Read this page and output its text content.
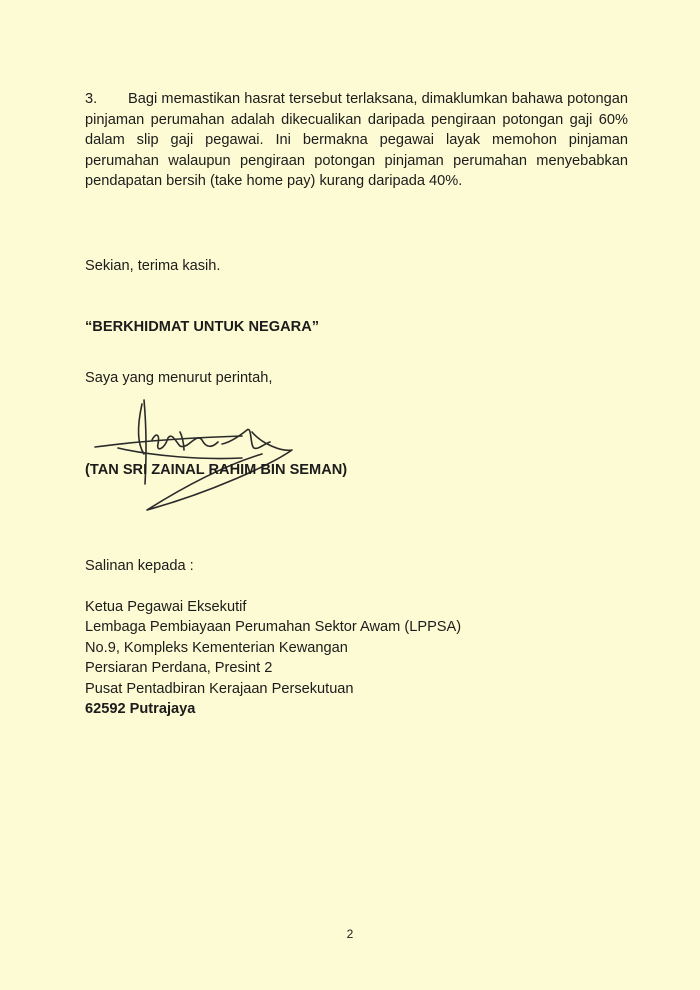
3. Bagi memastikan hasrat tersebut terlaksana, dimaklumkan bahawa potongan pinjaman perumahan adalah dikecualikan daripada pengiraan potongan gaji 60% dalam slip gaji pegawai. Ini bermakna pegawai layak memohon pinjaman perumahan walaupun pengiraan potongan pinjaman perumahan menyebabkan pendapatan bersih (take home pay) kurang daripada 40%.

Sekian, terima kasih.

“BERKHIDMAT UNTUK NEGARA”

Saya yang menurut perintah,

(TAN SRI ZAINAL RAHIM BIN SEMAN)

Salinan kepada :
Ketua Pegawai Eksekutif
Lembaga Pembiayaan Perumahan Sektor Awam (LPPSA)
No.9, Kompleks Kementerian Kewangan
Persiaran Perdana, Presint 2
Pusat Pentadbiran Kerajaan Persekutuan
62592 Putrajaya
2
